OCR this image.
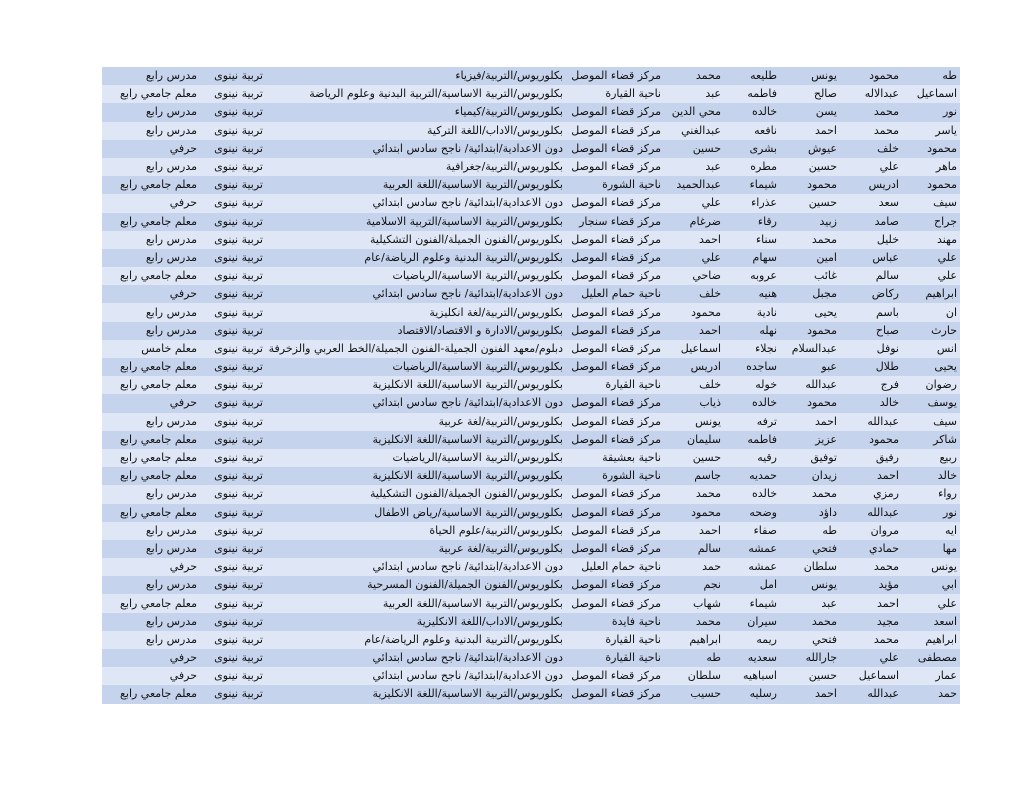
طه	محمود	يونس	طليعه	محمد	مركز قضاء الموصل	بكلوريوس/التربية/فيزياء	تربية نينوى	مدرس رابع
اسماعيل	عبدالاله	صالح	فاطمه	عبد	ناحية القيارة	بكلوريوس/التربية الاساسية/التربية البدنية وعلوم الرياضة	تربية نينوى	معلم جامعي رابع
نور	محمد	يسن	خالده	محي الدين	مركز قضاء الموصل	بكلوريوس/التربية/كيمياء	تربية نينوى	مدرس رابع
ياسر	محمد	احمد	نافعه	عبدالغني	مركز قضاء الموصل	بكلوريوس/الاداب/اللغة التركية	تربية نينوى	مدرس رابع
محمود	خلف	عيوش	بشرى	حسين	مركز قضاء الموصل	دون الاعدادية/ابتدائية/ ناجح سادس ابتدائي	تربية نينوى	حرفي
ماهر	علي	حسين	مطره	عبد	مركز قضاء الموصل	بكلوريوس/التربية/جغرافية	تربية نينوى	مدرس رابع
محمود	ادريس	محمود	شيماء	عبدالحميد	ناحية الشورة	بكلوريوس/التربية الاساسية/اللغة العربية	تربية نينوى	معلم جامعي رابع
سيف	سعد	حسين	عذراء	علي	مركز قضاء الموصل	دون الاعدادية/ابتدائية/ ناجح سادس ابتدائي	تربية نينوى	حرفي
جراح	صامد	زبيد	رقاء	ضرغام	مركز قضاء سنجار	بكلوريوس/التربية الاساسية/التربية الاسلامية	تربية نينوى	معلم جامعي رابع
مهند	خليل	محمد	سناء	احمد	مركز قضاء الموصل	بكلوريوس/الفنون الجميلة/الفنون التشكيلية	تربية نينوى	مدرس رابع
علي	عباس	امين	سهام	علي	مركز قضاء الموصل	بكلوريوس/التربية البدنية وعلوم الرياضة/عام	تربية نينوى	مدرس رابع
علي	سالم	غائب	عروبه	ضاحي	مركز قضاء الموصل	بكلوريوس/التربية الاساسية/الرياضيات	تربية نينوى	معلم جامعي رابع
ابراهيم	ركاض	مجبل	هنيه	خلف	ناحية حمام العليل	دون الاعدادية/ابتدائية/ ناجح سادس ابتدائي	تربية نينوى	حرفي
ان	باسم	يحيى	نادية	محمود	مركز قضاء الموصل	بكلوريوس/التربية/لغة انكليزية	تربية نينوى	مدرس رابع
حارث	صباح	محمود	نهله	احمد	مركز قضاء الموصل	بكلوريوس/الادارة و الاقتصاد/الاقتصاد	تربية نينوى	مدرس رابع
انس	نوفل	عبدالسلام	نجلاء	اسماعيل	مركز قضاء الموصل	دبلوم/معهد الفنون الجميلة-الفنون الجميلة/الخط العربي والزخرفة	تربية نينوى	معلم خامس
يحيى	طلال	عبو	ساجده	ادريس	مركز قضاء الموصل	بكلوريوس/التربية الاساسية/الرياضيات	تربية نينوى	معلم جامعي رابع
رضوان	فرج	عبدالله	خوله	خلف	ناحية القيارة	بكلوريوس/التربية الاساسية/اللغة الانكليزية	تربية نينوى	معلم جامعي رابع
يوسف	خالد	محمود	خالده	ذياب	مركز قضاء الموصل	دون الاعدادية/ابتدائية/ ناجح سادس ابتدائي	تربية نينوى	حرفي
سيف	عبدالله	احمد	ترفه	يونس	مركز قضاء الموصل	بكلوريوس/التربية/لغة عربية	تربية نينوى	مدرس رابع
شاكر	محمود	عزيز	فاطمه	سليمان	مركز قضاء الموصل	بكلوريوس/التربية الاساسية/اللغة الانكليزية	تربية نينوى	معلم جامعي رابع
ربيع	رفيق	توفيق	رقيه	حسين	ناحية بعشيقة	بكلوريوس/التربية الاساسية/الرياضيات	تربية نينوى	معلم جامعي رابع
خالد	احمد	زيدان	حمديه	جاسم	ناحية الشورة	بكلوريوس/التربية الاساسية/اللغة الانكليزية	تربية نينوى	معلم جامعي رابع
رواء	رمزي	محمد	خالده	محمد	مركز قضاء الموصل	بكلوريوس/الفنون الجميلة/الفنون التشكيلية	تربية نينوى	مدرس رابع
نور	عبدالله	داؤد	وضحه	محمود	مركز قضاء الموصل	بكلوريوس/التربية الاساسية/رياض الاطفال	تربية نينوى	معلم جامعي رابع
ايه	مروان	طه	صفاء	احمد	مركز قضاء الموصل	بكلوريوس/التربية/علوم الحياة	تربية نينوى	مدرس رابع
مها	حمادي	فتحي	عمشه	سالم	مركز قضاء الموصل	بكلوريوس/التربية/لغة عربية	تربية نينوى	مدرس رابع
يونس	محمد	سلطان	عمشه	حمد	ناحية حمام العليل	دون الاعدادية/ابتدائية/ ناجح سادس ابتدائي	تربية نينوى	حرفي
ابي	مؤيد	يونس	امل	نجم	مركز قضاء الموصل	بكلوريوس/الفنون الجميلة/الفنون المسرحية	تربية نينوى	مدرس رابع
علي	احمد	عبد	شيماء	شهاب	مركز قضاء الموصل	بكلوريوس/التربية الاساسية/اللغة العربية	تربية نينوى	معلم جامعي رابع
اسعد	مجيد	محمد	سيران	محمد	ناحية فايدة	بكلوريوس/الاداب/اللغة الانكليزية	تربية نينوى	مدرس رابع
ابراهيم	محمد	فتحي	ريمه	ابراهيم	ناحية القيارة	بكلوريوس/التربية البدنية وعلوم الرياضة/عام	تربية نينوى	مدرس رابع
مصطفى	علي	جارالله	سعديه	طه	ناحية القيارة	دون الاعدادية/ابتدائية/ ناجح سادس ابتدائي	تربية نينوى	حرفي
عمار	اسماعيل	حسين	اسباهيه	سلطان	مركز قضاء الموصل	دون الاعدادية/ابتدائية/ ناجح سادس ابتدائي	تربية نينوى	حرفي
حمد	عبدالله	احمد	رسليه	حسيب	مركز قضاء الموصل	بكلوريوس/التربية الاساسية/اللغة الانكليزية	تربية نينوى	معلم جامعي رابع
